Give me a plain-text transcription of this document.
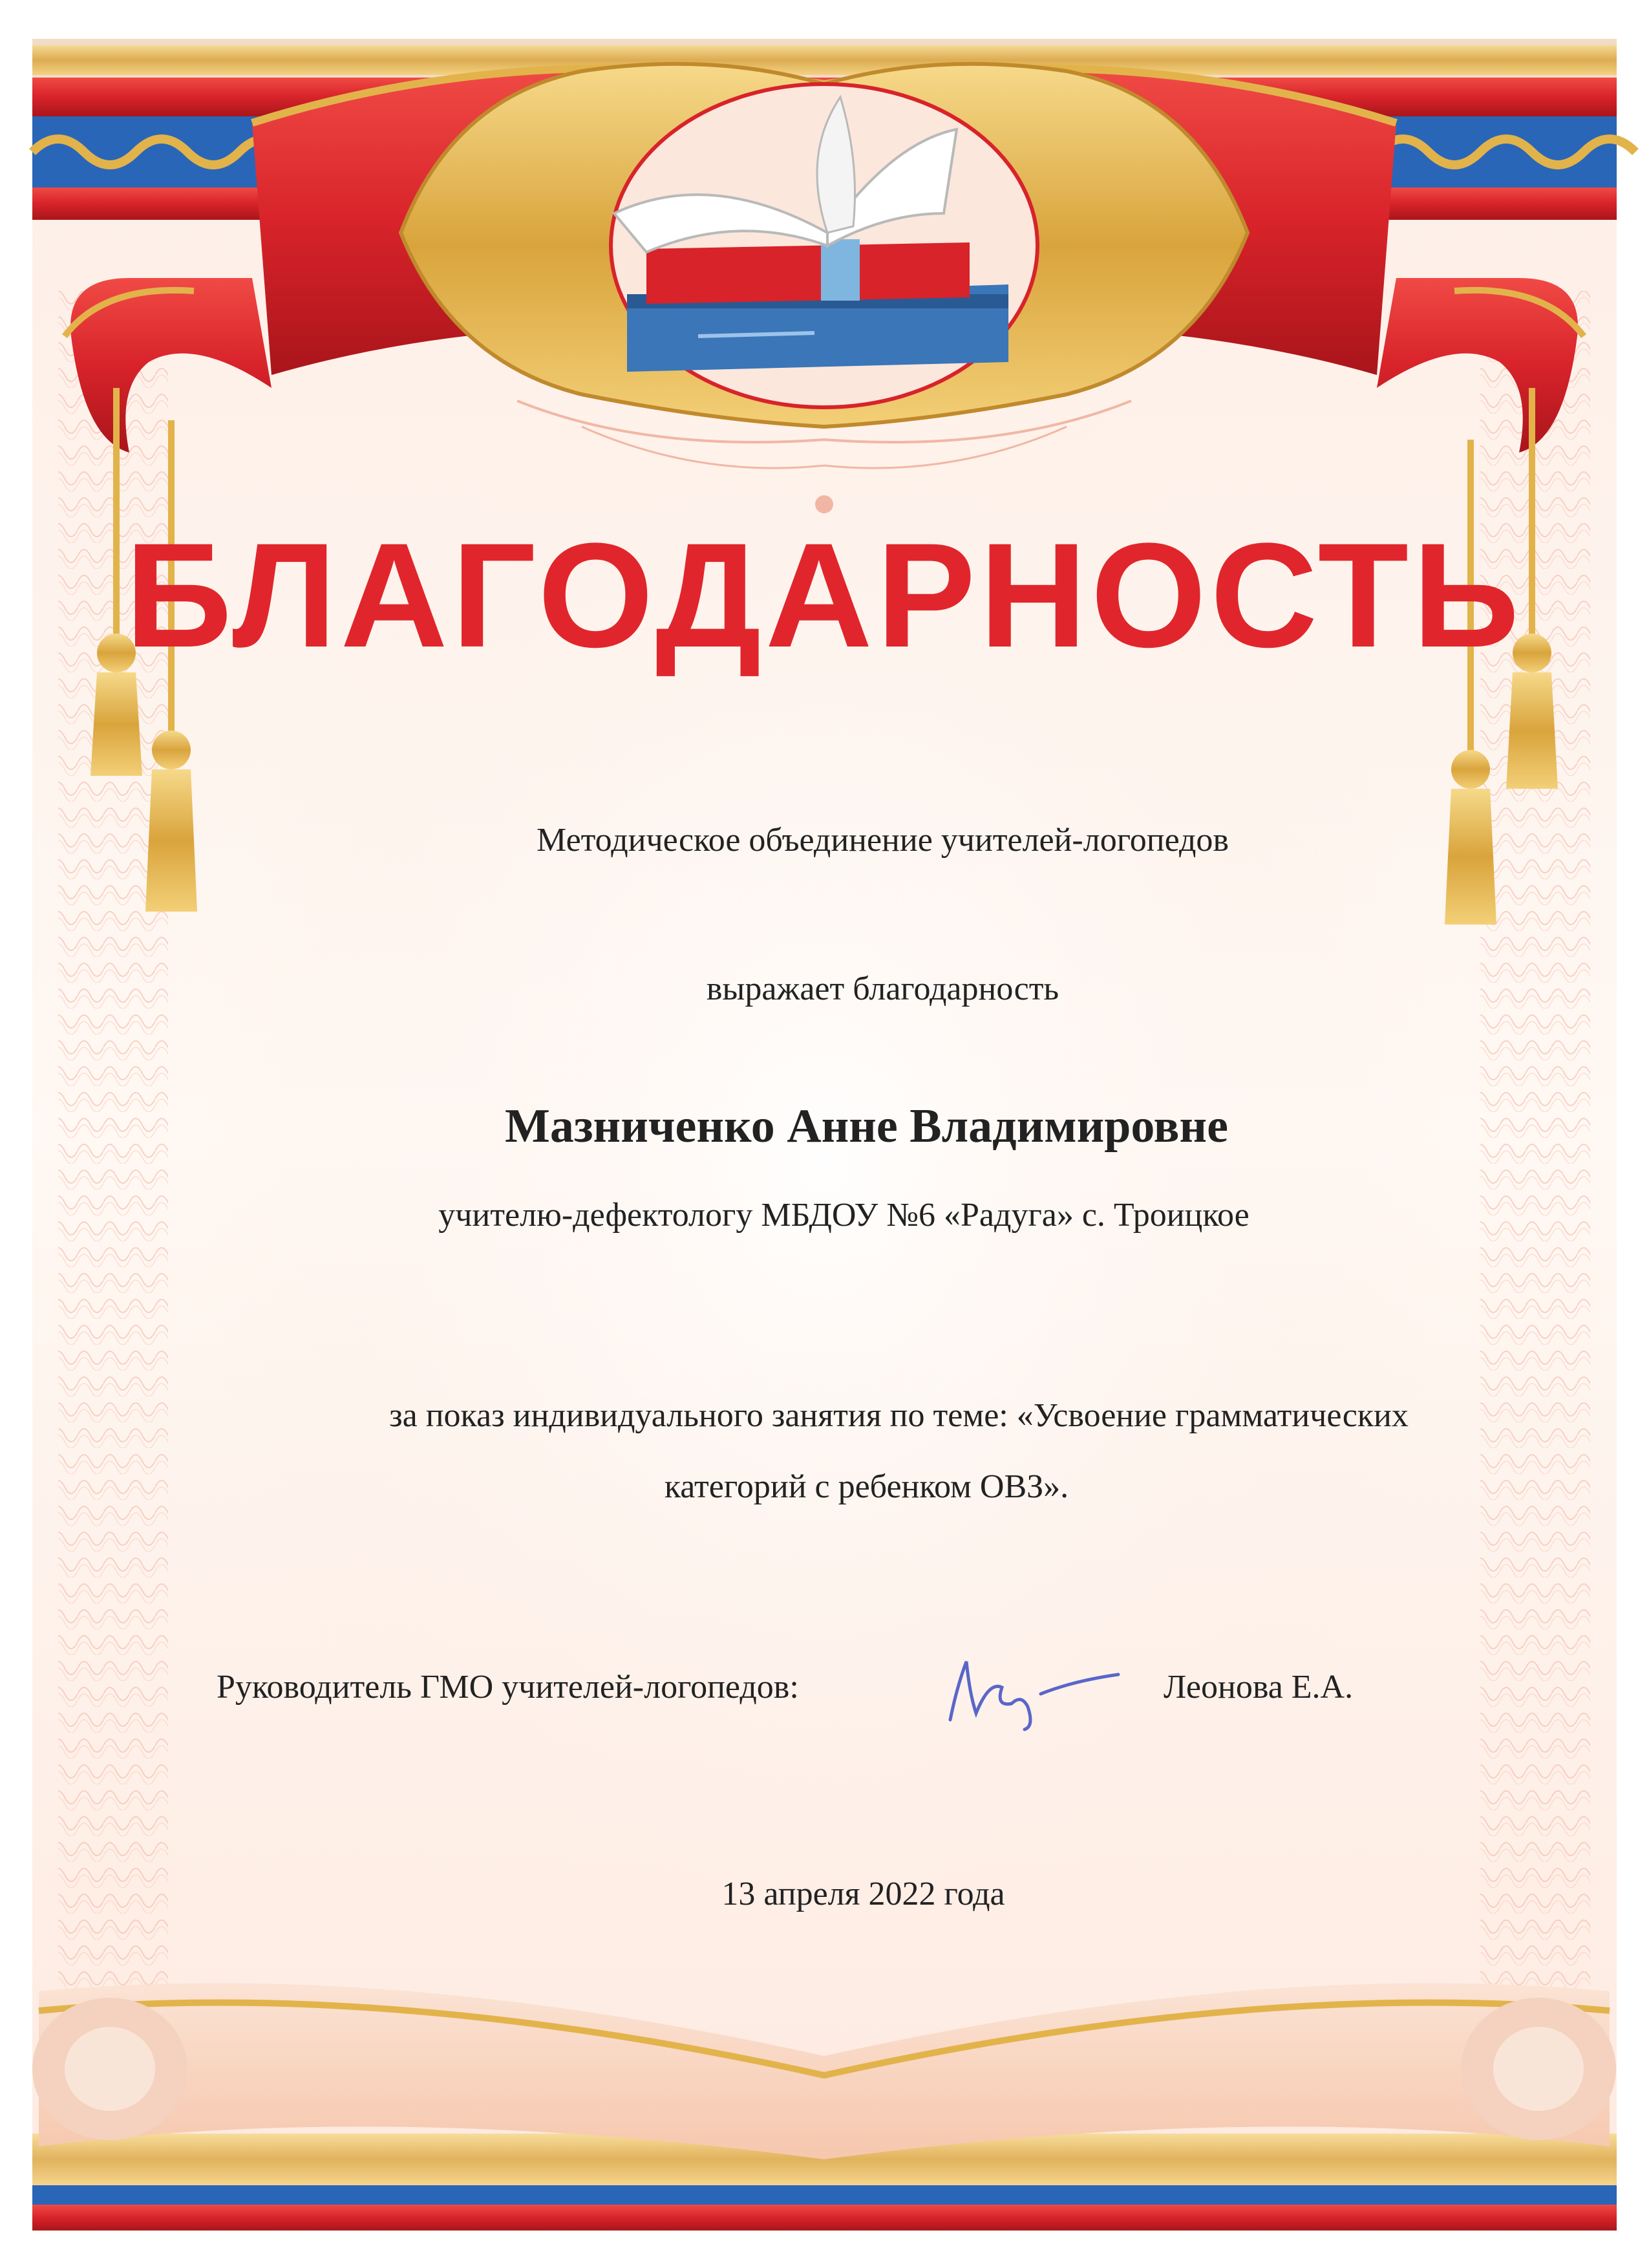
БЛАГОДАРНОСТЬ
Методическое объединение учителей-логопедов
выражает благодарность
Мазниченко Анне Владимировне
учителю-дефектологу МБДОУ №6 «Радуга» с. Троицкое
за показ индивидуального занятия по теме: «Усвоение грамматических
категорий с ребенком ОВЗ».
Руководитель ГМО учителей-логопедов:	Леонова Е.А.
13 апреля 2022 года
